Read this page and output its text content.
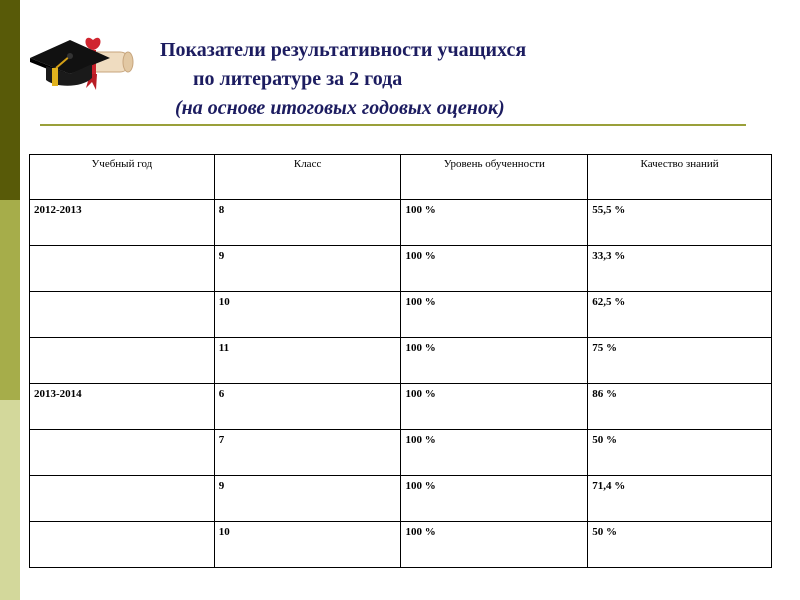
Показатели результативности учащихся
по литературе за 2 года
(на основе итоговых годовых оценок)
Учебный год	Класс	Уровень обученности	Качество знаний
2012-2013	8	100 %	55,5 %
	9	100 %	33,3 %
	10	100 %	62,5 %
	11	100 %	75 %
2013-2014	6	100 %	86 %
	7	100 %	50 %
	9	100 %	71,4 %
	10	100 %	50 %
